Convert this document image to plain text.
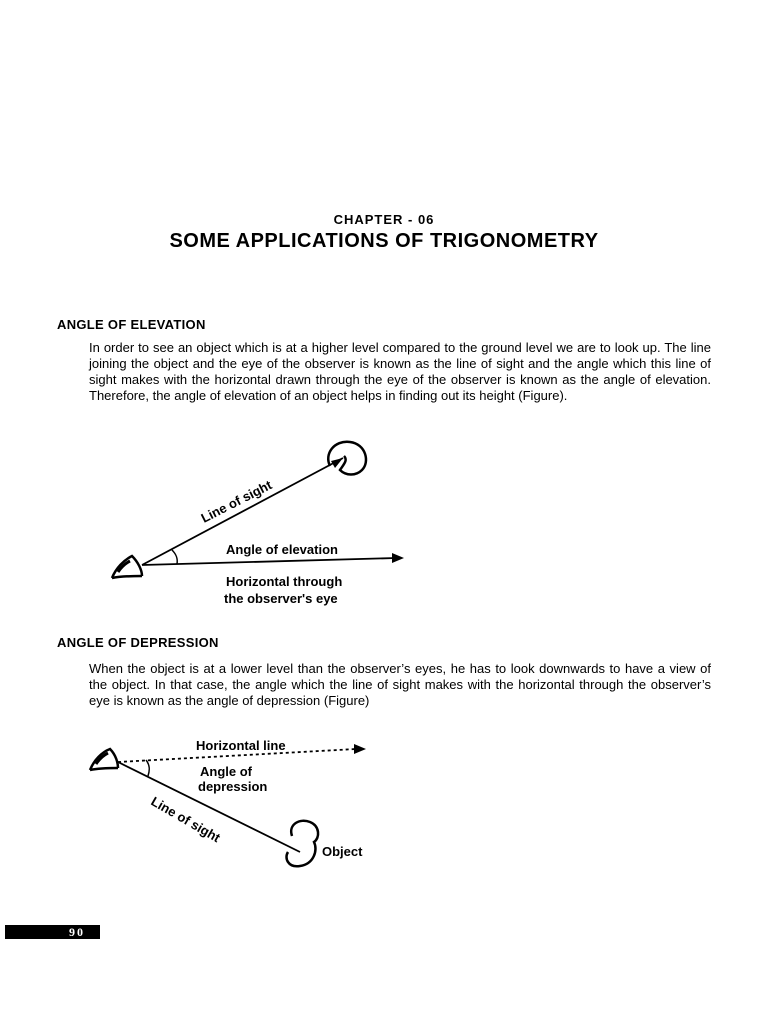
CHAPTER - 06
SOME APPLICATIONS OF TRIGONOMETRY
ANGLE OF ELEVATION

In order to see an object which is at a higher level compared to the ground level we are to look up. The line joining the object and the eye of the observer is known as the line of sight and the angle which this line of sight makes with the horizontal drawn through the eye of the observer is known as the angle of elevation. Therefore, the angle of elevation of an object helps in finding out its height (Figure).

Line of sight
Angle of elevation
Horizontal through
the observer's eye
ANGLE OF DEPRESSION

When the object is at a lower level than the observer’s eyes, he has to look downwards to have a view of the object. In that case, the angle which the line of sight makes with the horizontal through the observer’s eye is known as the angle of depression (Figure)

Horizontal line
Angle of
depression
Line of sight
Object
90
